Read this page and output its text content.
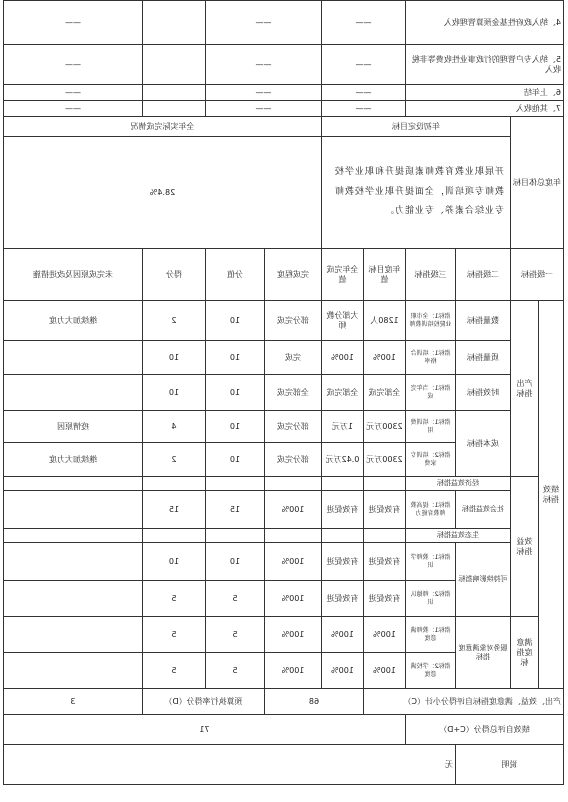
4、纳入政府性基金预算管理收入				——		——			——
5、纳入专户管理的行政事业性收费等非税收入				——		——			——
6、上年结				——		——			——
7、其他收入				——		——			——
年度总体目标		年初设定目标				全年实际完成情况			
		开展职业教育教师素质提升和职业学校教师专项培训，全面提升职业学校教师专业综合素养、专业能力。				28.4%			
一级指标		二级指标	三级指标	年度目标值	全年完成值	完成程度	分值	得分	未完成原因及改进措施
绩效指标	产出指标	数量指标	指标1：全市职业院校培训教师	1280人	大部分教师	部分完成	10	2	继续加大力度
		质量指标	指标1：培训合格率	100%	100%	完成	10	10	
		时效指标	指标1：当年完成	全部完成	全部完成	全部完成	10	10	
		成本指标	指标1：培训费用	2300万元	1万元	部分完成	10	4	疫情原因
			指标2：培训专家费	2300万元	0.42万元	部分完成	10	2	继续加大力度
	效益指标	经济效益指标							
		社会效益指标	指标1：提高教师教育能力	有效促进	有效促进	100%	15	15	
		生态效益指标							
		可持续影响指标	指标1：教师学识	有效促进	有效促进	100%	10	10	
			指标2：师德认识	有效促进	有效促进	100%	5	5	
	满意度指标	服务对象满意度指标	指标1：教师满意度	100%	100%	100%	5	5	
			指标2：学校满意度	100%	100%	100%	5	5	
产出、效益、满意度指标自评得分小计（C）					68		预算执行率得分（D）		3
绩效自评总得分（C+D）				71					
说明			无						
